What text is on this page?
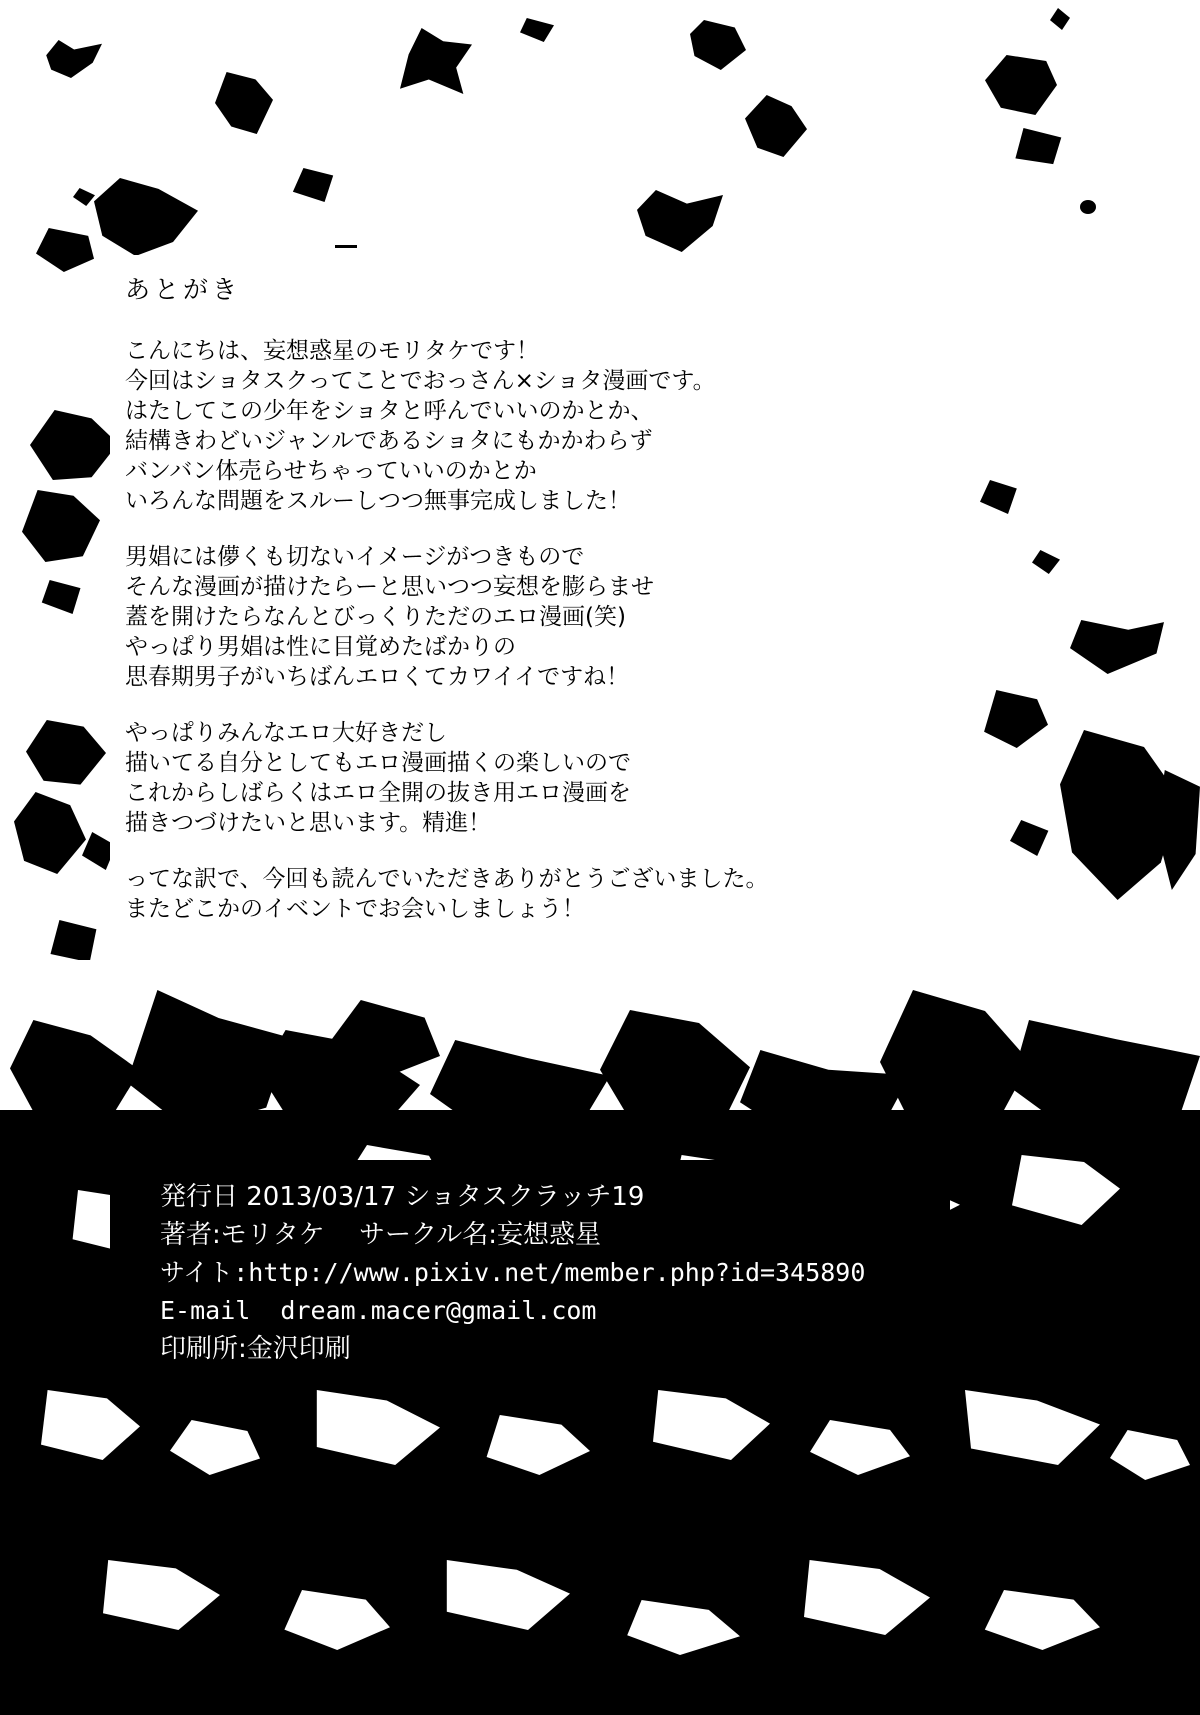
あとがき
こんにちは、妄想惑星のモリタケです！
今回はショタスクってことでおっさん×ショタ漫画です。
はたしてこの少年をショタと呼んでいいのかとか、
結構きわどいジャンルであるショタにもかかわらず
バンバン体売らせちゃっていいのかとか
いろんな問題をスルーしつつ無事完成しました！
男娼には儚くも切ないイメージがつきもので
そんな漫画が描けたらーと思いつつ妄想を膨らませ
蓋を開けたらなんとびっくりただのエロ漫画(笑)
やっぱり男娼は性に目覚めたばかりの
思春期男子がいちばんエロくてカワイイですね！
やっぱりみんなエロ大好きだし
描いてる自分としてもエロ漫画描くの楽しいので
これからしばらくはエロ全開の抜き用エロ漫画を
描きつづけたいと思います。精進！
ってな訳で、今回も読んでいただきありがとうございました。
またどこかのイベントでお会いしましょう！
発行日 2013/03/17 ショタスクラッチ19
著者:モリタケ 　サークル名:妄想惑星
サイト:http://www.pixiv.net/member.php?id=345890
E-mail  dream.macer@gmail.com
印刷所:金沢印刷
